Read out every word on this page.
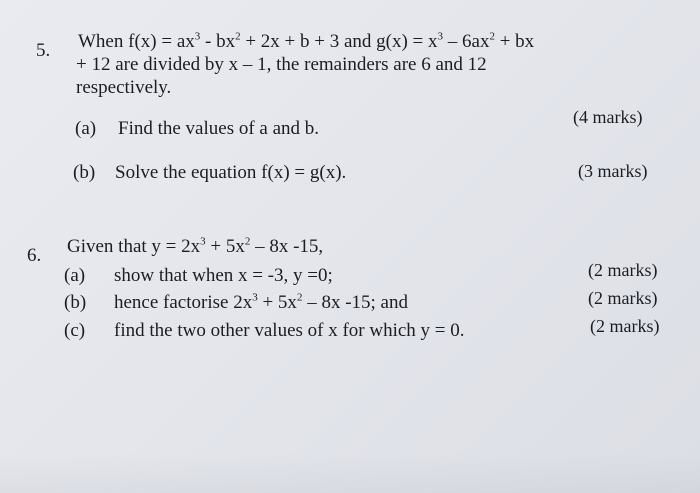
5. When $f(x) = ax^3 - bx^2 + 2x + b + 3$ and $g(x) = x^3 - 6ax^2$ + bx
+ 12 are divided by x – 1, the remainders are 6 and 12
respectively.
(a) Find the values of a and b.
(4 marks)
(b) Solve the equation f(x) = g(x).	(3 marks)
6. Given that $y = 2x^3 + 5x^2 - 8x$ -15,
(a) show that when x = -3, y =0;	(2 marks)
(b) hence factorise $2x^3 + 5x^2 - 8x$ -15; and	(2 marks)
(c) find the two other values of x for which y = 0.	(2 marks)
